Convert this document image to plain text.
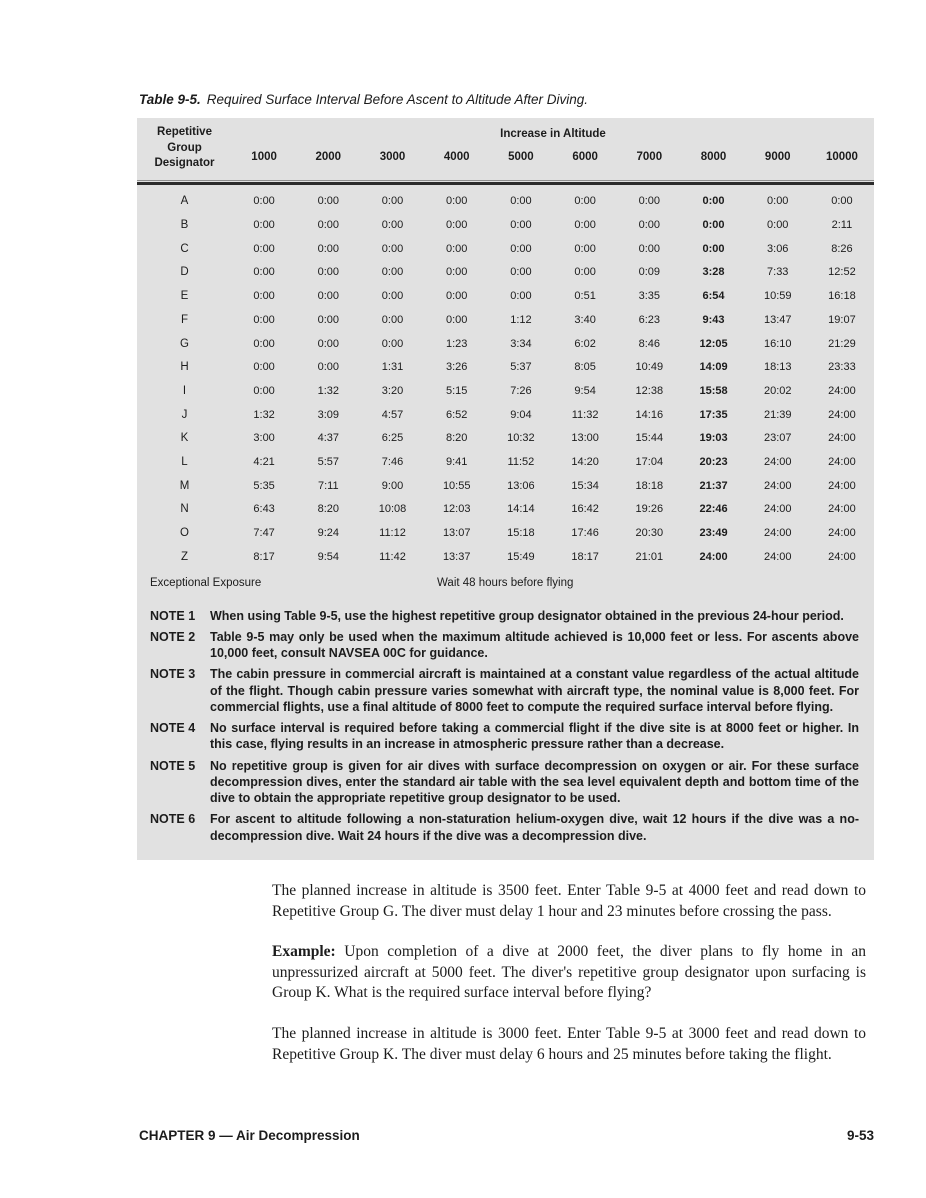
Table 9-5. Required Surface Interval Before Ascent to Altitude After Diving.
Repetitive Group Designator
Increase in Altitude
1000	2000	3000	4000	5000	6000	7000	8000	9000	10000
A	0:00	0:00	0:00	0:00	0:00	0:00	0:00	0:00	0:00	0:00
B	0:00	0:00	0:00	0:00	0:00	0:00	0:00	0:00	0:00	2:11
C	0:00	0:00	0:00	0:00	0:00	0:00	0:00	0:00	3:06	8:26
D	0:00	0:00	0:00	0:00	0:00	0:00	0:09	3:28	7:33	12:52
E	0:00	0:00	0:00	0:00	0:00	0:51	3:35	6:54	10:59	16:18
F	0:00	0:00	0:00	0:00	1:12	3:40	6:23	9:43	13:47	19:07
G	0:00	0:00	0:00	1:23	3:34	6:02	8:46	12:05	16:10	21:29
H	0:00	0:00	1:31	3:26	5:37	8:05	10:49	14:09	18:13	23:33
I	0:00	1:32	3:20	5:15	7:26	9:54	12:38	15:58	20:02	24:00
J	1:32	3:09	4:57	6:52	9:04	11:32	14:16	17:35	21:39	24:00
K	3:00	4:37	6:25	8:20	10:32	13:00	15:44	19:03	23:07	24:00
L	4:21	5:57	7:46	9:41	11:52	14:20	17:04	20:23	24:00	24:00
M	5:35	7:11	9:00	10:55	13:06	15:34	18:18	21:37	24:00	24:00
N	6:43	8:20	10:08	12:03	14:14	16:42	19:26	22:46	24:00	24:00
O	7:47	9:24	11:12	13:07	15:18	17:46	20:30	23:49	24:00	24:00
Z	8:17	9:54	11:42	13:37	15:49	18:17	21:01	24:00	24:00	24:00
Exceptional Exposure	Wait 48 hours before flying
NOTE 1	When using Table 9-5, use the highest repetitive group designator obtained in the previous 24-hour period.
NOTE 2	Table 9-5 may only be used when the maximum altitude achieved is 10,000 feet or less. For ascents above 10,000 feet, consult NAVSEA 00C for guidance.
NOTE 3	The cabin pressure in commercial aircraft is maintained at a constant value regardless of the actual altitude of the flight. Though cabin pressure varies somewhat with aircraft type, the nominal value is 8,000 feet. For commercial flights, use a final altitude of 8000 feet to compute the required surface interval before flying.
NOTE 4	No surface interval is required before taking a commercial flight if the dive site is at 8000 feet or higher. In this case, flying results in an increase in atmospheric pressure rather than a decrease.
NOTE 5	No repetitive group is given for air dives with surface decompression on oxygen or air. For these surface decompression dives, enter the standard air table with the sea level equivalent depth and bottom time of the dive to obtain the appropriate repetitive group designator to be used.
NOTE 6	For ascent to altitude following a non-staturation helium-oxygen dive, wait 12 hours if the dive was a no-decompression dive. Wait 24 hours if the dive was a decompression dive.

The planned increase in altitude is 3500 feet. Enter Table 9-5 at 4000 feet and read down to Repetitive Group G. The diver must delay 1 hour and 23 minutes before crossing the pass.

Example: Upon completion of a dive at 2000 feet, the diver plans to fly home in an unpressurized aircraft at 5000 feet. The diver's repetitive group designator upon surfacing is Group K. What is the required surface interval before flying?

The planned increase in altitude is 3000 feet. Enter Table 9-5 at 3000 feet and read down to Repetitive Group K. The diver must delay 6 hours and 25 minutes before taking the flight.

CHAPTER 9 — Air Decompression	9-53
